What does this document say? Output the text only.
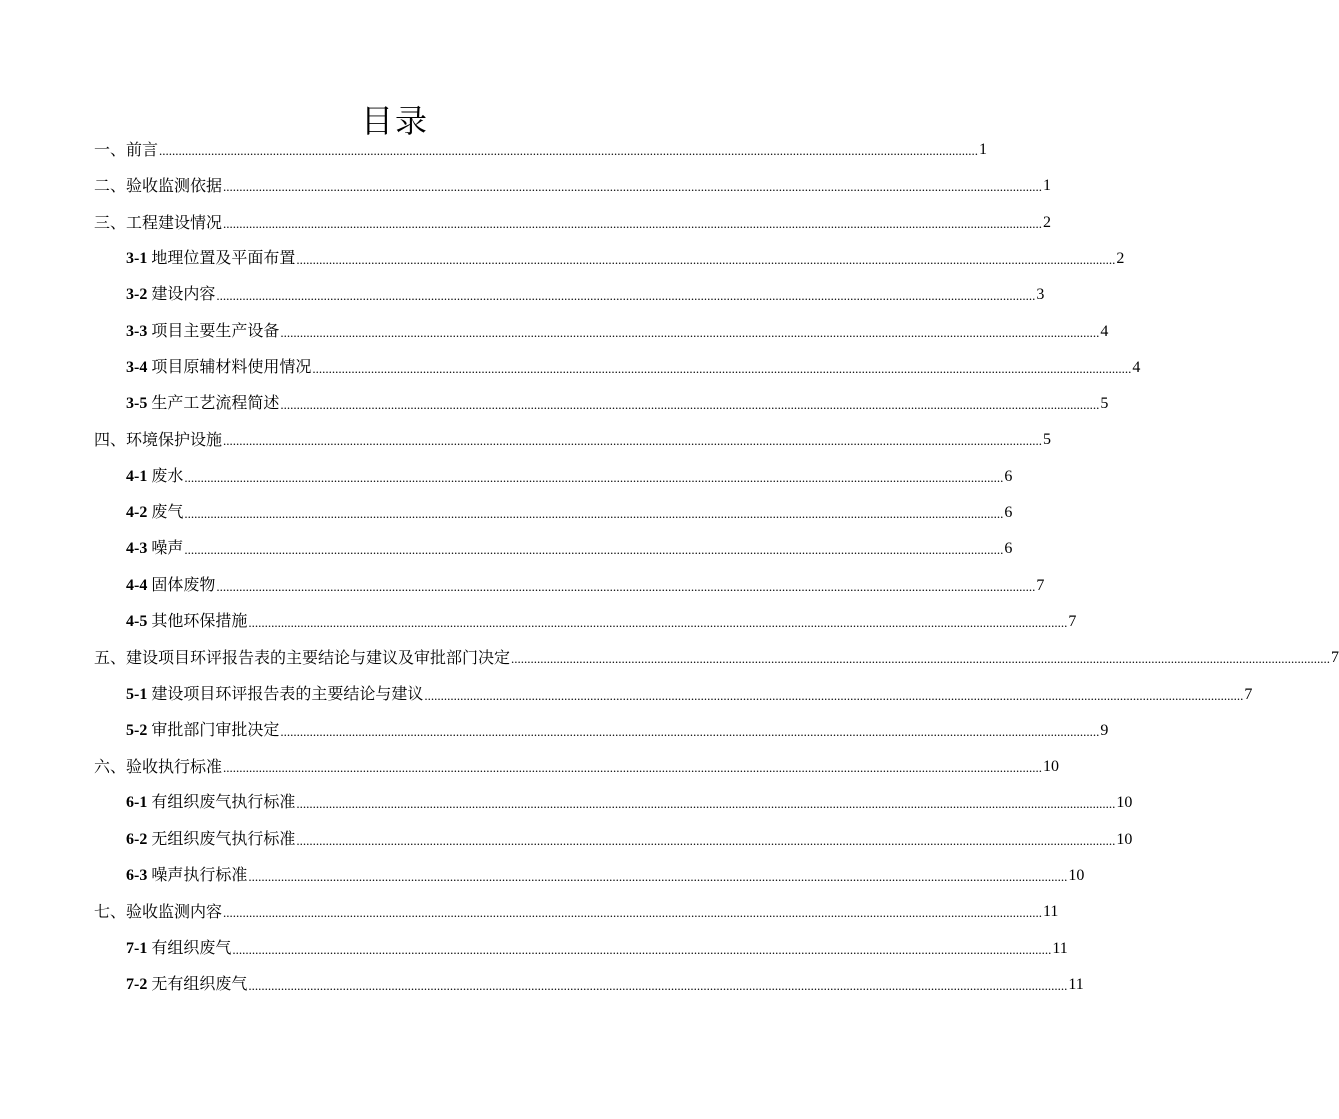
目录
一、前言 ............................................................................................................................................................................................................................................................ 1
二、验收监测依据 ............................................................................................................................................................................................................................................................ 1
三、工程建设情况 ............................................................................................................................................................................................................................................................ 2
3-1 地理位置及平面布置 ............................................................................................................................................................................................................................................................ 2
3-2 建设内容 ............................................................................................................................................................................................................................................................ 3
3-3 项目主要生产设备 ............................................................................................................................................................................................................................................................ 4
3-4 项目原辅材料使用情况 ............................................................................................................................................................................................................................................................ 4
3-5 生产工艺流程简述 ............................................................................................................................................................................................................................................................ 5
四、环境保护设施 ............................................................................................................................................................................................................................................................ 5
4-1 废水 ............................................................................................................................................................................................................................................................ 6
4-2 废气 ............................................................................................................................................................................................................................................................ 6
4-3 噪声 ............................................................................................................................................................................................................................................................ 6
4-4 固体废物 ............................................................................................................................................................................................................................................................ 7
4-5 其他环保措施 ............................................................................................................................................................................................................................................................ 7
五、建设项目环评报告表的主要结论与建议及审批部门决定 ............................................................................................................................................................................................................................................................ 7
5-1 建设项目环评报告表的主要结论与建议 ............................................................................................................................................................................................................................................................ 7
5-2 审批部门审批决定 ............................................................................................................................................................................................................................................................ 9
六、验收执行标准 ............................................................................................................................................................................................................................................................ 10
6-1 有组织废气执行标准 ............................................................................................................................................................................................................................................................ 10
6-2 无组织废气执行标准 ............................................................................................................................................................................................................................................................ 10
6-3 噪声执行标准 ............................................................................................................................................................................................................................................................ 10
七、验收监测内容 ............................................................................................................................................................................................................................................................ 11
7-1 有组织废气 ............................................................................................................................................................................................................................................................ 11
7-2 无有组织废气 ............................................................................................................................................................................................................................................................ 11
